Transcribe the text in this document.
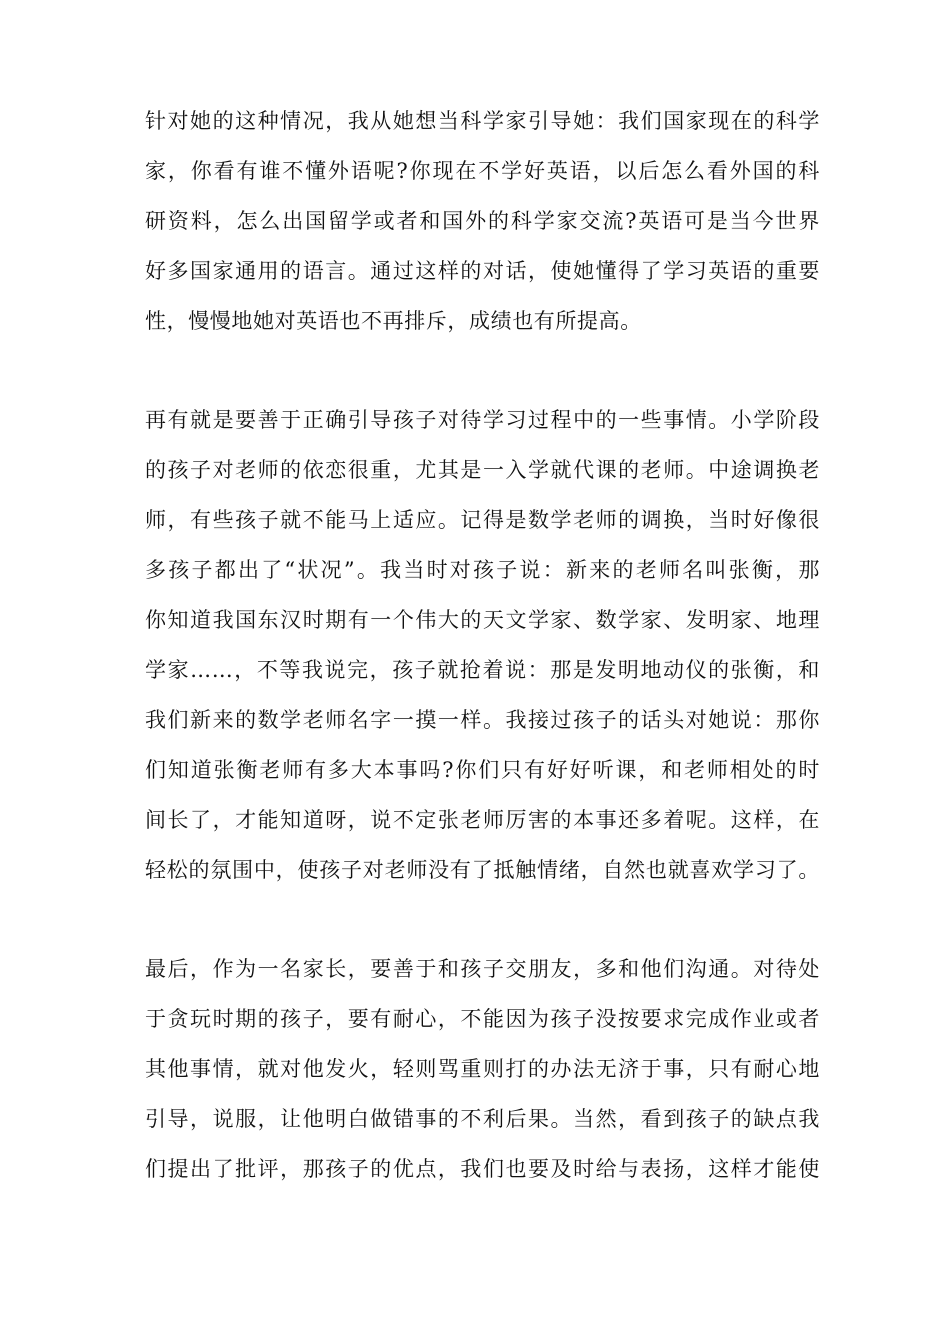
针对她的这种情况，我从她想当科学家引导她：我们国家现在的科学
家，你看有谁不懂外语呢?你现在不学好英语，以后怎么看外国的科
研资料，怎么出国留学或者和国外的科学家交流?英语可是当今世界
好多国家通用的语言。通过这样的对话，使她懂得了学习英语的重要
性，慢慢地她对英语也不再排斥，成绩也有所提高。
再有就是要善于正确引导孩子对待学习过程中的一些事情。小学阶段
的孩子对老师的依恋很重，尤其是一入学就代课的老师。中途调换老
师，有些孩子就不能马上适应。记得是数学老师的调换，当时好像很
多孩子都出了“状况”。我当时对孩子说：新来的老师名叫张衡，那
你知道我国东汉时期有一个伟大的天文学家、数学家、发明家、地理
学家……，不等我说完，孩子就抢着说：那是发明地动仪的张衡，和
我们新来的数学老师名字一摸一样。我接过孩子的话头对她说：那你
们知道张衡老师有多大本事吗?你们只有好好听课，和老师相处的时
间长了，才能知道呀，说不定张老师厉害的本事还多着呢。这样，在
轻松的氛围中，使孩子对老师没有了抵触情绪，自然也就喜欢学习了。
最后，作为一名家长，要善于和孩子交朋友，多和他们沟通。对待处
于贪玩时期的孩子，要有耐心，不能因为孩子没按要求完成作业或者
其他事情，就对他发火，轻则骂重则打的办法无济于事，只有耐心地
引导，说服，让他明白做错事的不利后果。当然，看到孩子的缺点我
们提出了批评，那孩子的优点，我们也要及时给与表扬，这样才能使
